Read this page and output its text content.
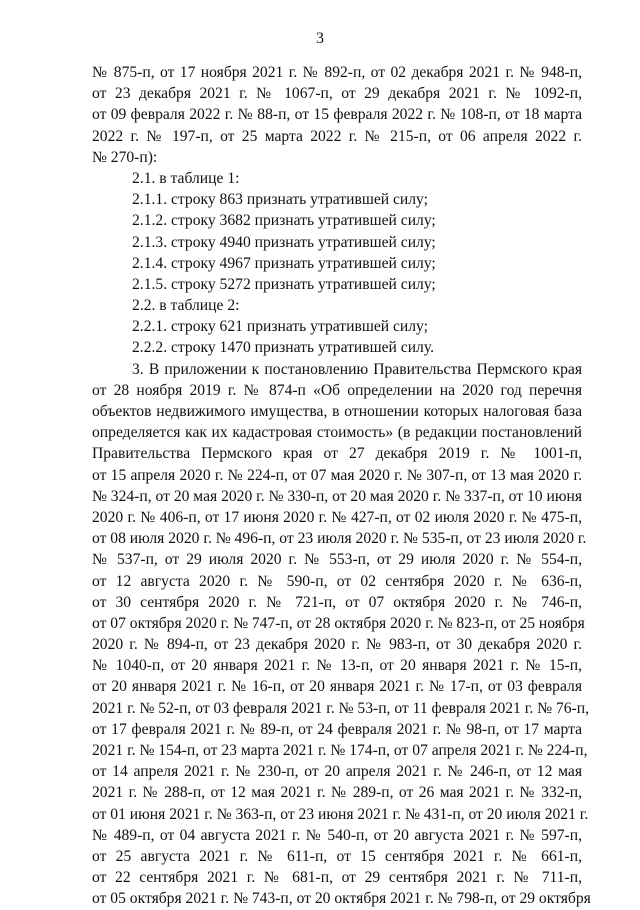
3
№ 875-п, от 17 ноября 2021 г. № 892-п, от 02 декабря 2021 г. № 948-п,
от 23 декабря 2021 г. № 1067-п, от 29 декабря 2021 г. № 1092-п,
от 09 февраля 2022 г. № 88-п, от 15 февраля 2022 г. № 108-п, от 18 марта
2022 г. № 197-п, от 25 марта 2022 г. № 215-п, от 06 апреля 2022 г.
№ 270-п):
2.1. в таблице 1:
2.1.1. строку 863 признать утратившей силу;
2.1.2. строку 3682 признать утратившей силу;
2.1.3. строку 4940 признать утратившей силу;
2.1.4. строку 4967 признать утратившей силу;
2.1.5. строку 5272 признать утратившей силу;
2.2. в таблице 2:
2.2.1. строку 621 признать утратившей силу;
2.2.2. строку 1470 признать утратившей силу.
3. В приложении к постановлению Правительства Пермского края
от 28 ноября 2019 г. № 874-п «Об определении на 2020 год перечня
объектов недвижимого имущества, в отношении которых налоговая база
определяется как их кадастровая стоимость» (в редакции постановлений
Правительства Пермского края от 27 декабря 2019 г. № 1001-п,
от 15 апреля 2020 г. № 224-п, от 07 мая 2020 г. № 307-п, от 13 мая 2020 г.
№ 324-п, от 20 мая 2020 г. № 330-п, от 20 мая 2020 г. № 337-п, от 10 июня
2020 г. № 406-п, от 17 июня 2020 г. № 427-п, от 02 июля 2020 г. № 475-п,
от 08 июля 2020 г. № 496-п, от 23 июля 2020 г. № 535-п, от 23 июля 2020 г.
№ 537-п, от 29 июля 2020 г. № 553-п, от 29 июля 2020 г. № 554-п,
от 12 августа 2020 г. № 590-п, от 02 сентября 2020 г. № 636-п,
от 30 сентября 2020 г. № 721-п, от 07 октября 2020 г. № 746-п,
от 07 октября 2020 г. № 747-п, от 28 октября 2020 г. № 823-п, от 25 ноября
2020 г. № 894-п, от 23 декабря 2020 г. № 983-п, от 30 декабря 2020 г.
№ 1040-п, от 20 января 2021 г. № 13-п, от 20 января 2021 г. № 15-п,
от 20 января 2021 г. № 16-п, от 20 января 2021 г. № 17-п, от 03 февраля
2021 г. № 52-п, от 03 февраля 2021 г. № 53-п, от 11 февраля 2021 г. № 76-п,
от 17 февраля 2021 г. № 89-п, от 24 февраля 2021 г. № 98-п, от 17 марта
2021 г. № 154-п, от 23 марта 2021 г. № 174-п, от 07 апреля 2021 г. № 224-п,
от 14 апреля 2021 г. № 230-п, от 20 апреля 2021 г. № 246-п, от 12 мая
2021 г. № 288-п, от 12 мая 2021 г. № 289-п, от 26 мая 2021 г. № 332-п,
от 01 июня 2021 г. № 363-п, от 23 июня 2021 г. № 431-п, от 20 июля 2021 г.
№ 489-п, от 04 августа 2021 г. № 540-п, от 20 августа 2021 г. № 597-п,
от 25 августа 2021 г. № 611-п, от 15 сентября 2021 г. № 661-п,
от 22 сентября 2021 г. № 681-п, от 29 сентября 2021 г. № 711-п,
от 05 октября 2021 г. № 743-п, от 20 октября 2021 г. № 798-п, от 29 октября
